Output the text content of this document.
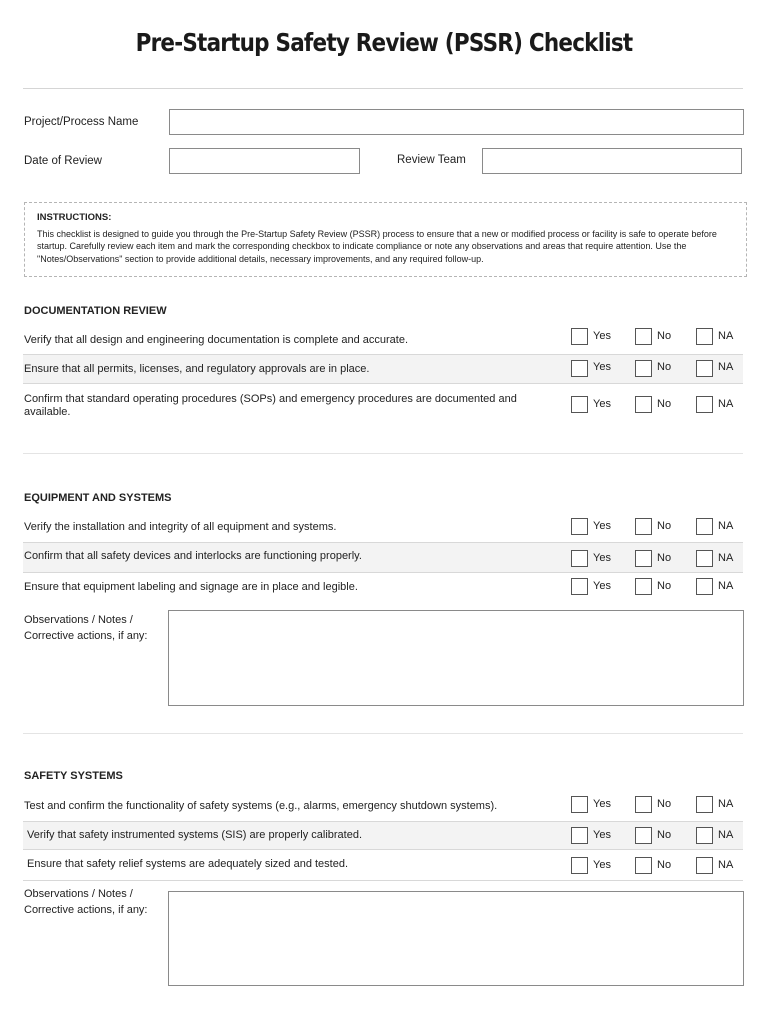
Pre-Startup Safety Review (PSSR) Checklist
Project/Process Name
Date of Review	Review Team
INSTRUCTIONS:
This checklist is designed to guide you through the Pre-Startup Safety Review (PSSR) process to ensure that a new or modified process or facility is safe to operate before startup. Carefully review each item and mark the corresponding checkbox to indicate compliance or note any observations and areas that require attention. Use the "Notes/Observations" section to provide additional details, necessary improvements, and any required follow-up.
DOCUMENTATION REVIEW
Verify that all design and engineering documentation is complete and accurate.	Yes	No	NA
Ensure that all permits, licenses, and regulatory approvals are in place.	Yes	No	NA
Confirm that standard operating procedures (SOPs) and emergency procedures are documented and available.
Yes	No	NA
EQUIPMENT AND SYSTEMS
Verify the installation and integrity of all equipment and systems.	Yes	No	NA
Confirm that all safety devices and interlocks are functioning properly.	Yes	No	NA
Ensure that equipment labeling and signage are in place and legible.	Yes	No	NA
Observations / Notes / Corrective actions, if any:
SAFETY SYSTEMS
Test and confirm the functionality of safety systems (e.g., alarms, emergency shutdown systems).	Yes	No	NA
Verify that safety instrumented systems (SIS) are properly calibrated.	Yes	No	NA
Ensure that safety relief systems are adequately sized and tested.	Yes	No	NA
Observations / Notes / Corrective actions, if any:
